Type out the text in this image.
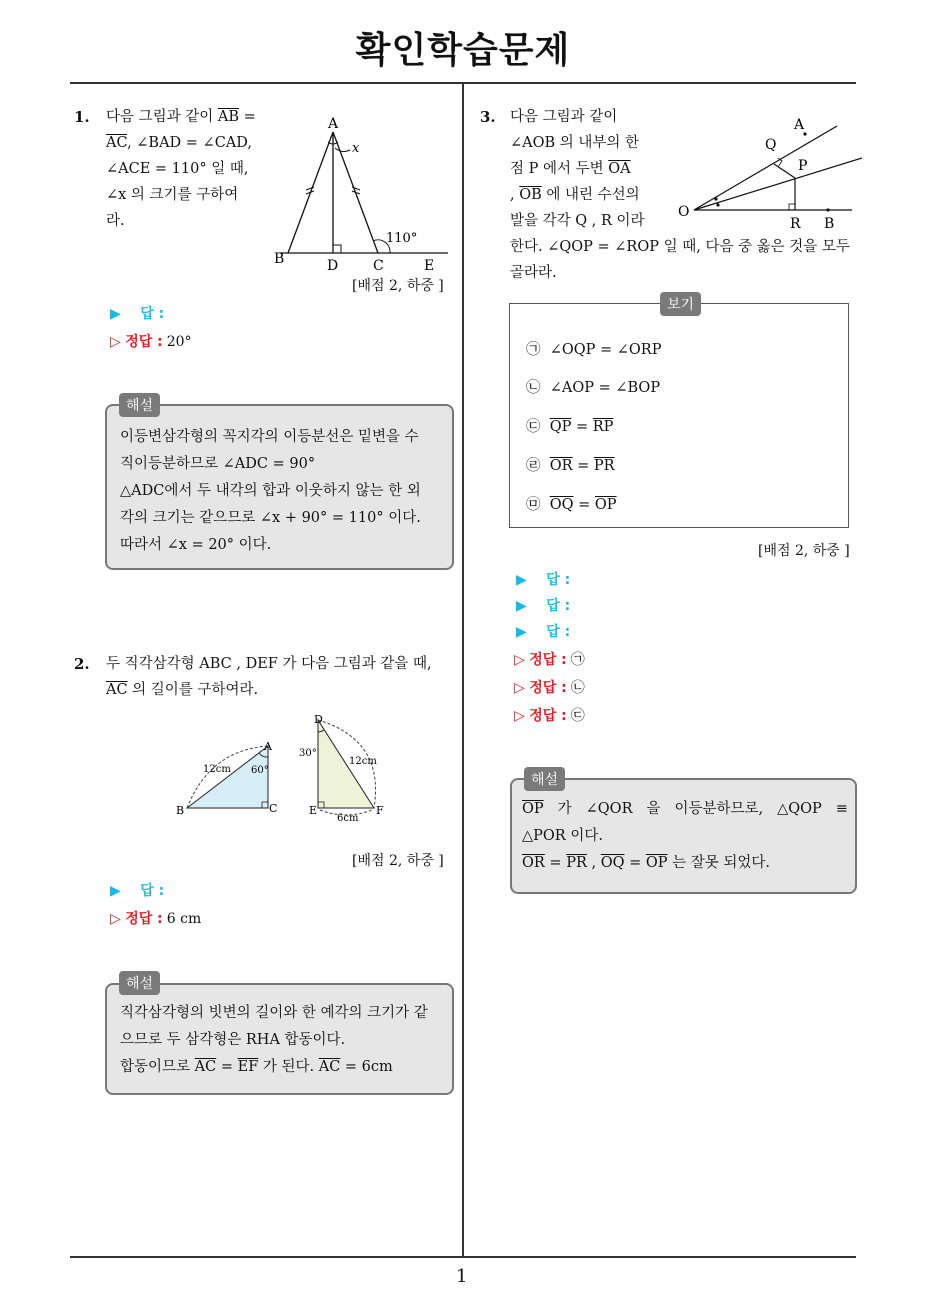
확인학습문제
1
1. 다음 그림과 같이 $\overline{AB}$ =
$\overline{AC}$, ∠BAD = ∠CAD,
∠ACE = 110° 일 때,
∠x 의 크기를 구하여
라.
A
B	D C	E
x
110°
[배점 2, 하중 ]
▶ 답 :
▷ 정답 : 20°
이등변삼각형의 꼭지각의 이등분선은 밑변을 수
직이등분하므로 ∠ADC = 90°
△ADC에서 두 내각의 합과 이웃하지 않는 한 외
각의 크기는 같으므로 ∠x + 90° = 110° 이다.
따라서 ∠x = 20° 이다.
해설
2. 두 직각삼각형 ABC , DEF 가 다음 그림과 같을 때,
$\overline{AC}$ 의 길이를 구하여라.
A
B	C
12cm 60°
D
30°
12cm
E	F
6cm
[배점 2, 하중 ]
▶ 답 :
▷ 정답 : 6 cm
직각삼각형의 빗변의 길이와 한 예각의 크기가 같
으므로 두 삼각형은 RHA 합동이다.
합동이므로 $\overline{AC} = \overline{EF}$ 가 된다. $\overline{AC} = 6cm$
해설
3. 다음 그림과 같이
∠AOB 의 내부의 한
점 P 에서 두변 $\overline{OA}$
, $\overline{OB}$ 에 내린 수선의
발을 각각 Q , R 이라
한다. ∠QOP = ∠ROP 일 때, 다음 중 옳은 것을 모두
골라라.
O
A
Q
P
R B
㉠ ∠OQP = ∠ORP
㉡ ∠AOP = ∠BOP
㉢ $\overline{QP} = \overline{RP}$
㉣ $\overline{OR} = \overline{PR}$
㉤ $\overline{OQ} = \overline{OP}$
보기
[배점 2, 하중 ]
▶ 답 :
▶ 답 :
▶ 답 :
▷ 정답 : ㉠
▷ 정답 : ㉡
▷ 정답 : ㉢
$\overline{OP}$ 가 ∠QOR 을 이등분하므로, △QOP ≡
△POR 이다.
$\overline{OR} = \overline{PR}$ , $\overline{OQ} = \overline{OP}$ 는 잘못 되었다.
해설
